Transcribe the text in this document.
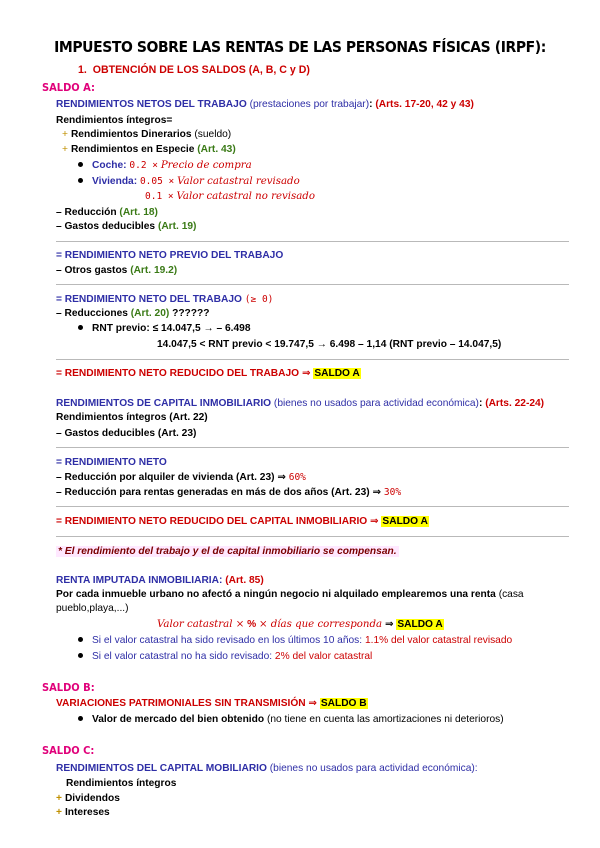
IMPUESTO SOBRE LAS RENTAS DE LAS PERSONAS FÍSICAS (IRPF):
1. OBTENCIÓN DE LOS SALDOS (A, B, C y D)
SALDO A:
RENDIMIENTOS NETOS DEL TRABAJO (prestaciones por trabajar): (Arts. 17-20, 42 y 43)
Rendimientos íntegros=
+ Rendimientos Dinerarios (sueldo)
+ Rendimientos en Especie (Art. 43)
Coche: 0.2 × Precio de compra
Vivienda: 0.05 × Valor catastral revisado
0.1 × Valor catastral no revisado
– Reducción (Art. 18)
– Gastos deducibles (Art. 19)
= RENDIMIENTO NETO PREVIO DEL TRABAJO
– Otros gastos (Art. 19.2)
= RENDIMIENTO NETO DEL TRABAJO (≥ 0)
– Reducciones (Art. 20) ??????
RNT previo: ≤ 14.047,5 → – 6.498
14.047,5 < RNT previo < 19.747,5 → 6.498 – 1,14 (RNT previo – 14.047,5)
= RENDIMIENTO NETO REDUCIDO DEL TRABAJO ⇒ SALDO A
RENDIMIENTOS DE CAPITAL INMOBILIARIO (bienes no usados para actividad económica): (Arts. 22-24)
Rendimientos íntegros (Art. 22)
– Gastos deducibles (Art. 23)
= RENDIMIENTO NETO
– Reducción por alquiler de vivienda (Art. 23) ⇒ 60%
– Reducción para rentas generadas en más de dos años (Art. 23) ⇒ 30%
= RENDIMIENTO NETO REDUCIDO DEL CAPITAL INMOBILIARIO ⇒ SALDO A
* El rendimiento del trabajo y el de capital inmobiliario se compensan.
RENTA IMPUTADA INMOBILIARIA: (Art. 85)
Por cada inmueble urbano no afectó a ningún negocio ni alquilado emplearemos una renta (casa
pueblo,playa,...)
Valor catastral × % × días que corresponda ⇒ SALDO A
Si el valor catastral ha sido revisado en los últimos 10 años: 1.1% del valor catastral revisado
Si el valor catastral no ha sido revisado: 2% del valor catastral
SALDO B:
VARIACIONES PATRIMONIALES SIN TRANSMISIÓN ⇒ SALDO B
Valor de mercado del bien obtenido (no tiene en cuenta las amortizaciones ni deterioros)
SALDO C:
RENDIMIENTOS DEL CAPITAL MOBILIARIO (bienes no usados para actividad económica):
Rendimientos íntegros
+ Dividendos
+ Intereses
